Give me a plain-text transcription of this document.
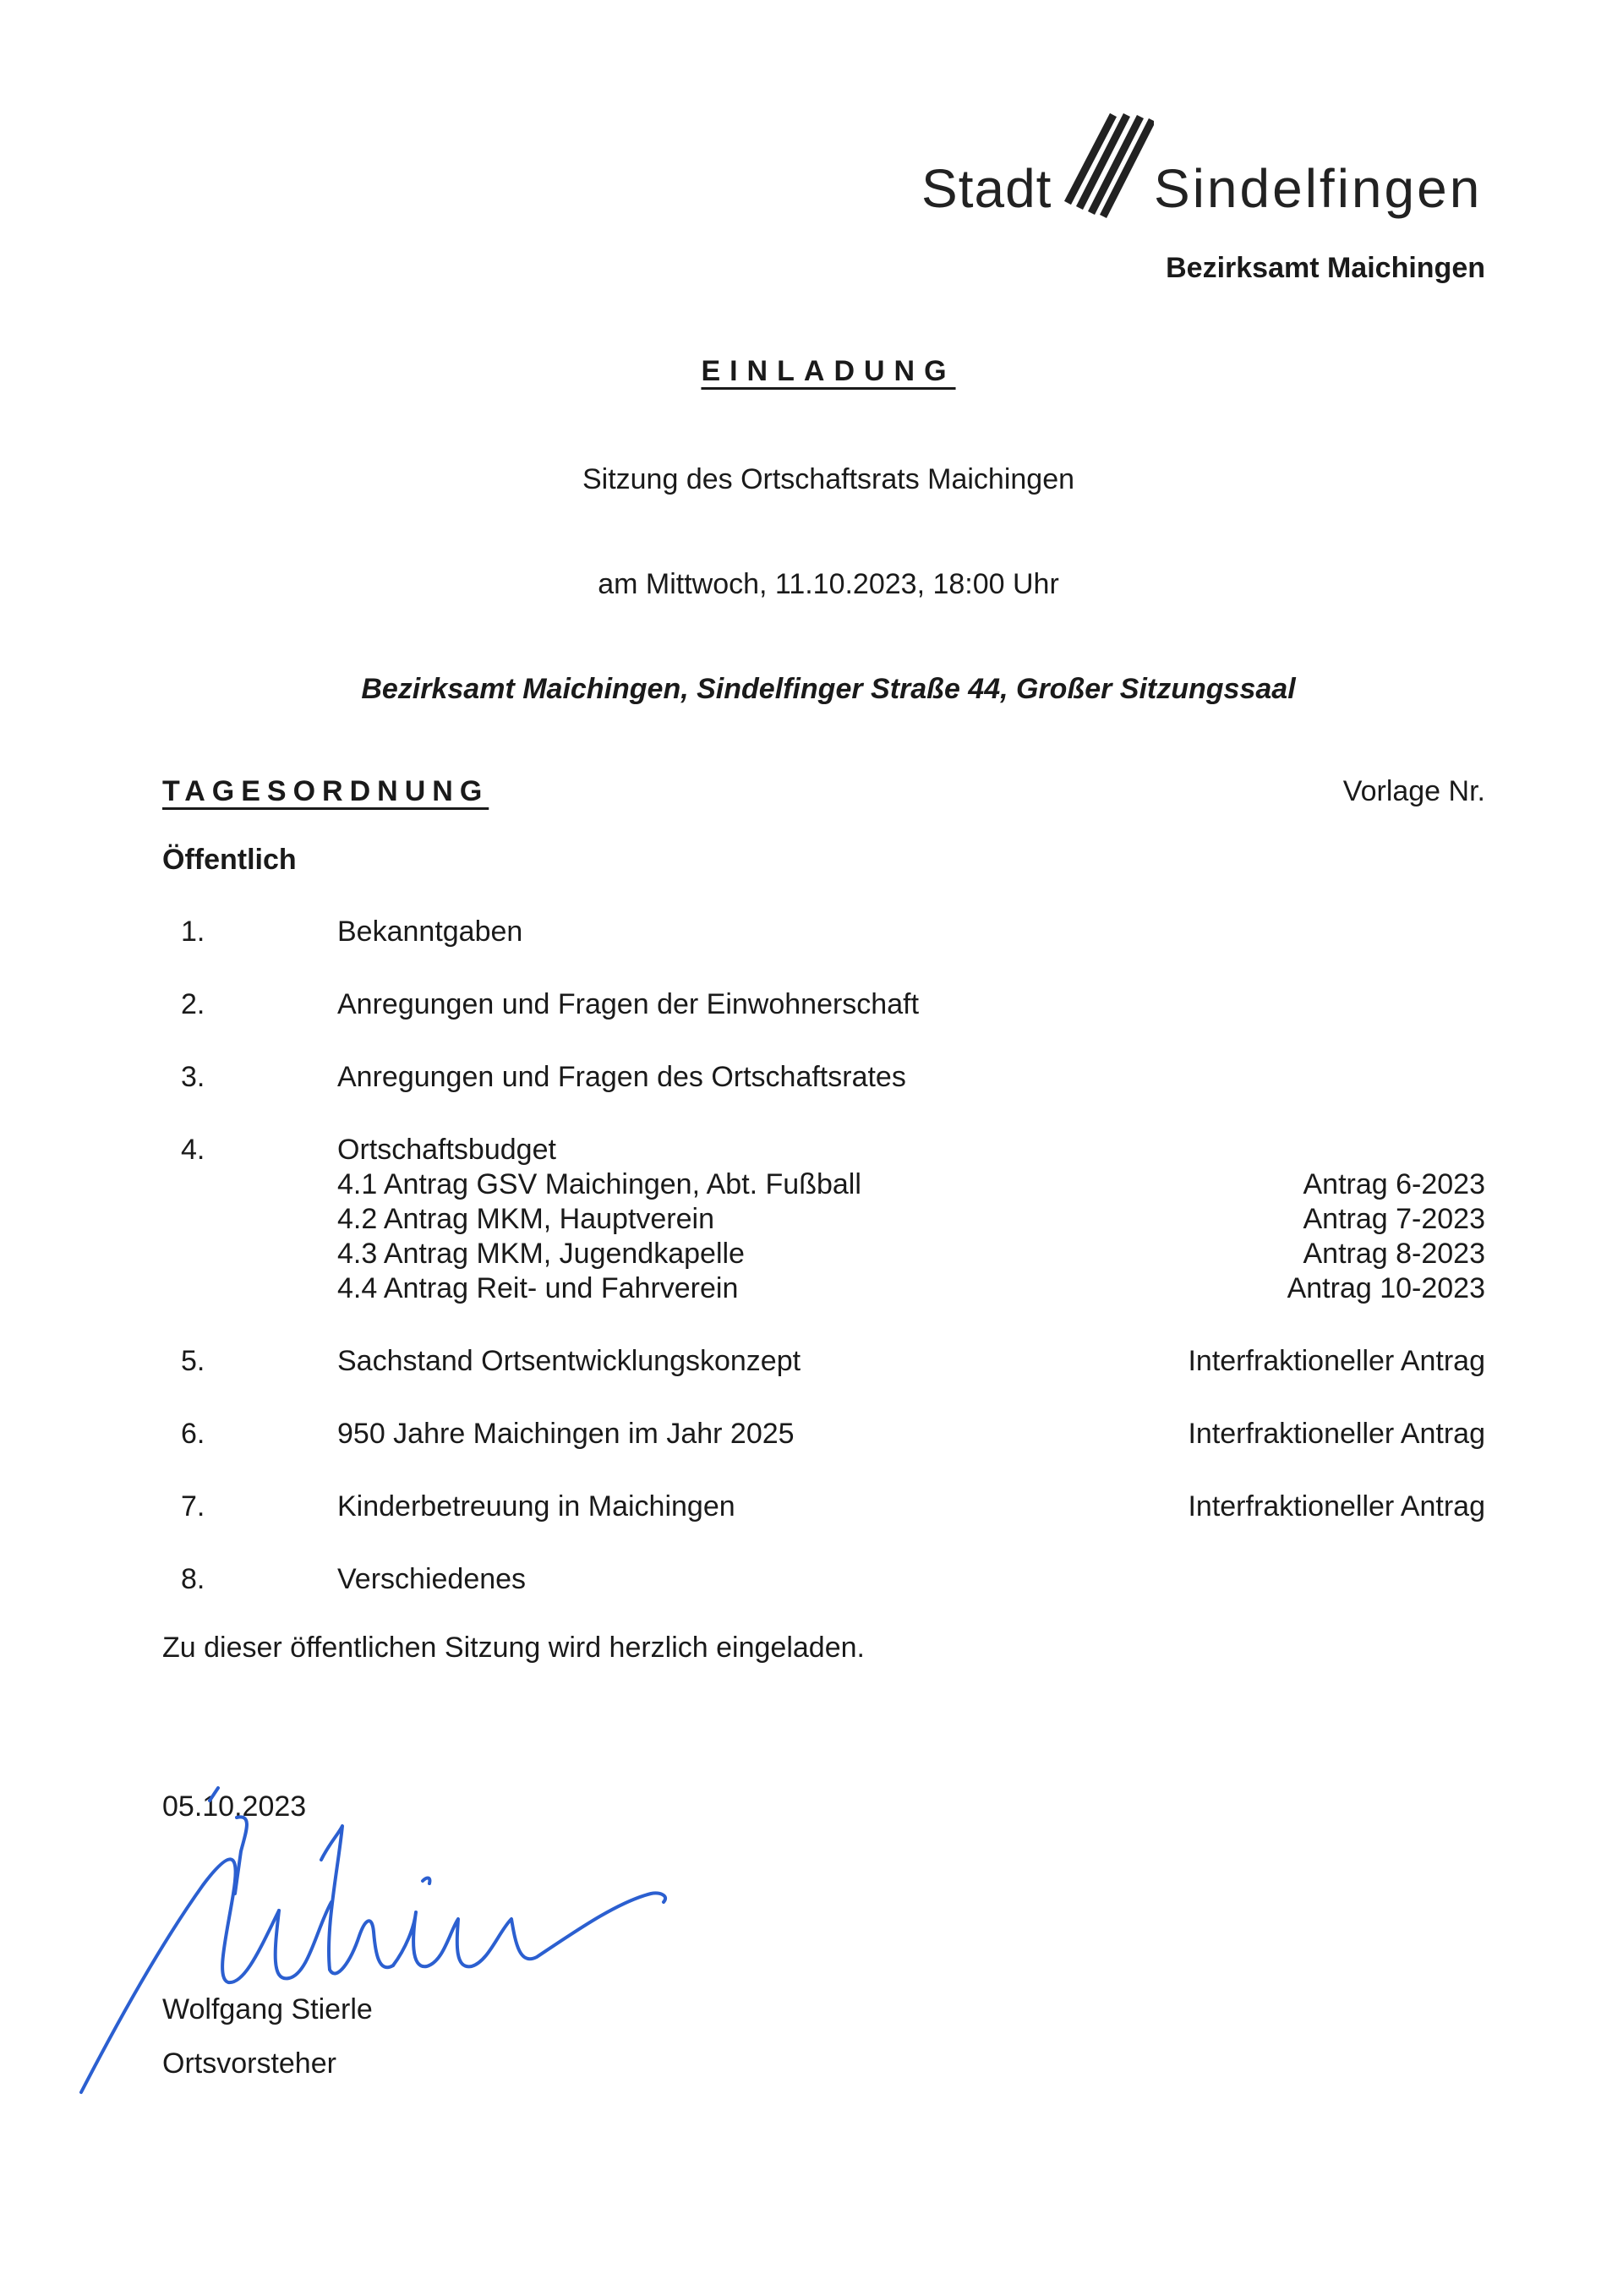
Stadt Sindelfingen
Bezirksamt Maichingen
EINLADUNG
Sitzung des Ortschaftsrats Maichingen
am Mittwoch, 11.10.2023, 18:00 Uhr
Bezirksamt Maichingen, Sindelfinger Straße 44, Großer Sitzungssaal
TAGESORDNUNG	Vorlage Nr.
Öffentlich
1.	Bekanntgaben
2.	Anregungen und Fragen der Einwohnerschaft
3.	Anregungen und Fragen des Ortschaftsrates
4.	Ortschaftsbudget
4.1 Antrag GSV Maichingen, Abt. Fußball	Antrag 6-2023
4.2 Antrag MKM, Hauptverein	Antrag 7-2023
4.3 Antrag MKM, Jugendkapelle	Antrag 8-2023
4.4 Antrag Reit- und Fahrverein	Antrag 10-2023
5.	Sachstand Ortsentwicklungskonzept	Interfraktioneller Antrag
6.	950 Jahre Maichingen im Jahr 2025	Interfraktioneller Antrag
7.	Kinderbetreuung in Maichingen	Interfraktioneller Antrag
8.	Verschiedenes
Zu dieser öffentlichen Sitzung wird herzlich eingeladen.
05.10.2023
Wolfgang Stierle
Ortsvorsteher
